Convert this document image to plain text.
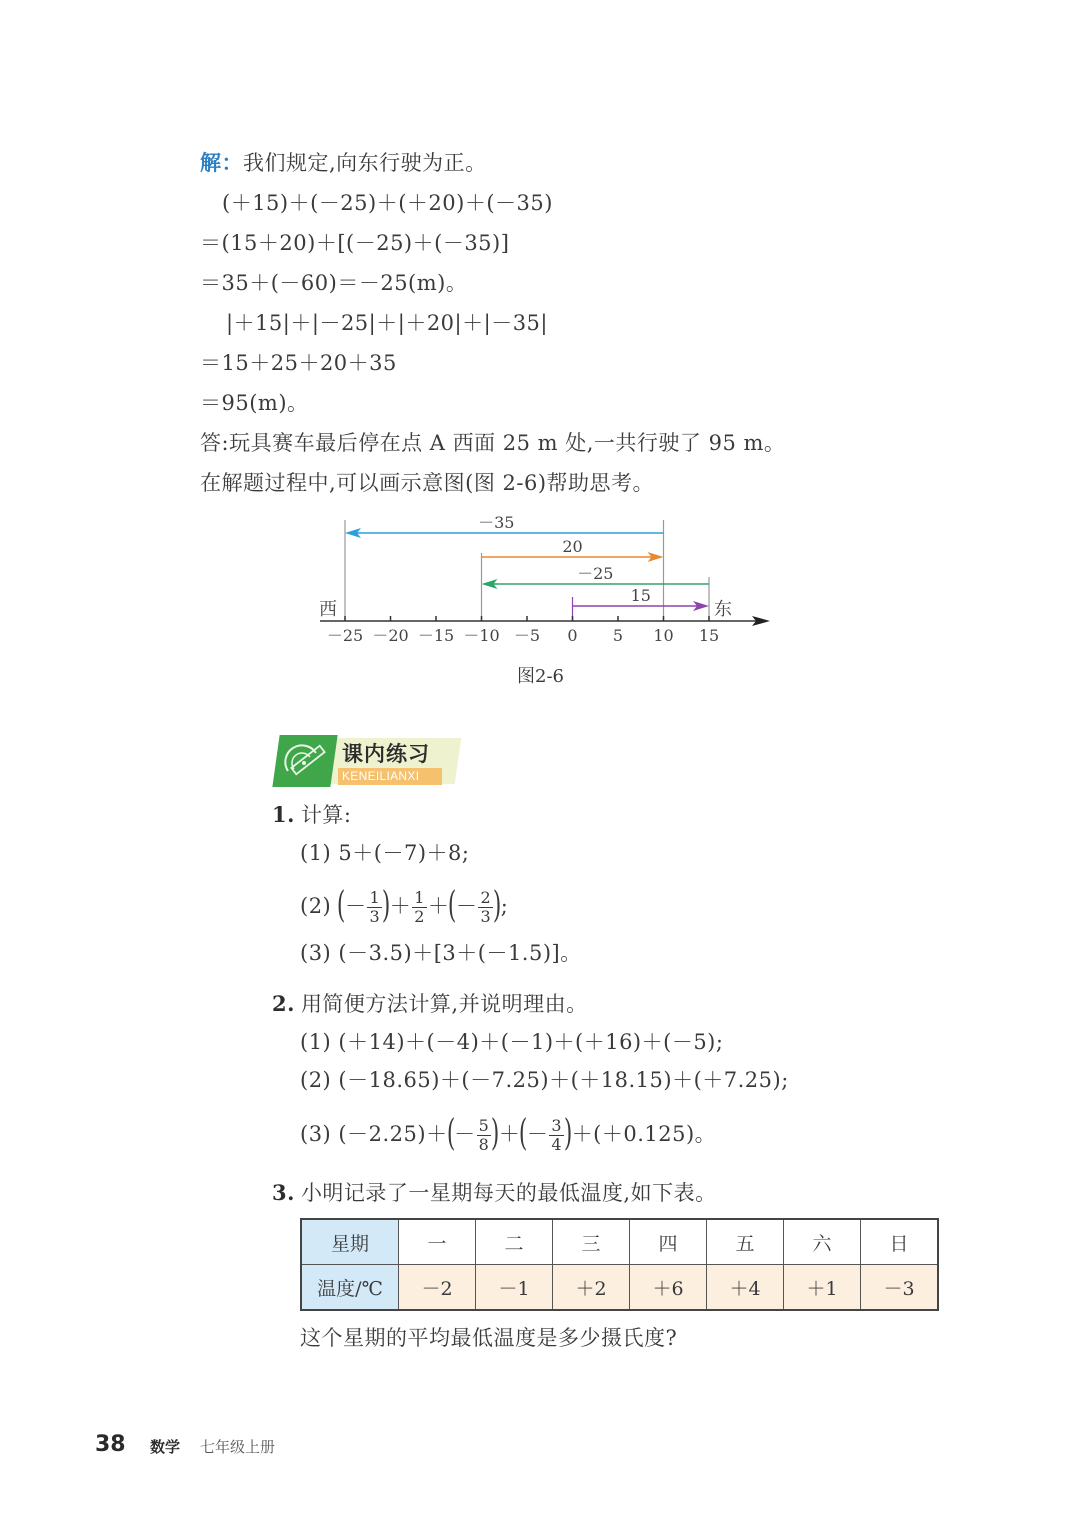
解：我们规定,向东行驶为正。
(＋15)＋(－25)＋(＋20)＋(－35)
＝(15＋20)＋[(－25)＋(－35)]
＝35＋(－60)＝－25(m)。
|＋15|＋|－25|＋|＋20|＋|－35|
＝15＋25＋20＋35
＝95(m)。
答:玩具赛车最后停在点 A 西面 25 m 处,一共行驶了 95 m。
在解题过程中,可以画示意图(图 2-6)帮助思考。
15
－25
20
－35
－25 －20 －15 －10 －5 0 5 10 15
西	东
图2-6
课内练习
KENEILIANXI
1. 计算:
(1) 5＋(－7)＋8;
(2) (－ $\frac{1}{3}$ )＋ $\frac{1}{2}$ ＋(－ $\frac{2}{3}$ );
(3) (－3.5)＋[3＋(－1.5)]。
2. 用简便方法计算,并说明理由。
(1) (＋14)＋(－4)＋(－1)＋(＋16)＋(－5);
(2) (－18.65)＋(－7.25)＋(＋18.15)＋(＋7.25);
(3) $(-2.25)+(- \frac{5}{8}$ )＋(－ $\frac{3}{4} )+(+0.125)$。
3. 小明记录了一星期每天的最低温度,如下表。
星期	一	二	三	四	五	六	日
温度/℃	－2	－1	＋2	＋6	＋4	＋1	－3
这个星期的平均最低温度是多少摄氏度?
38 数学 七年级上册
